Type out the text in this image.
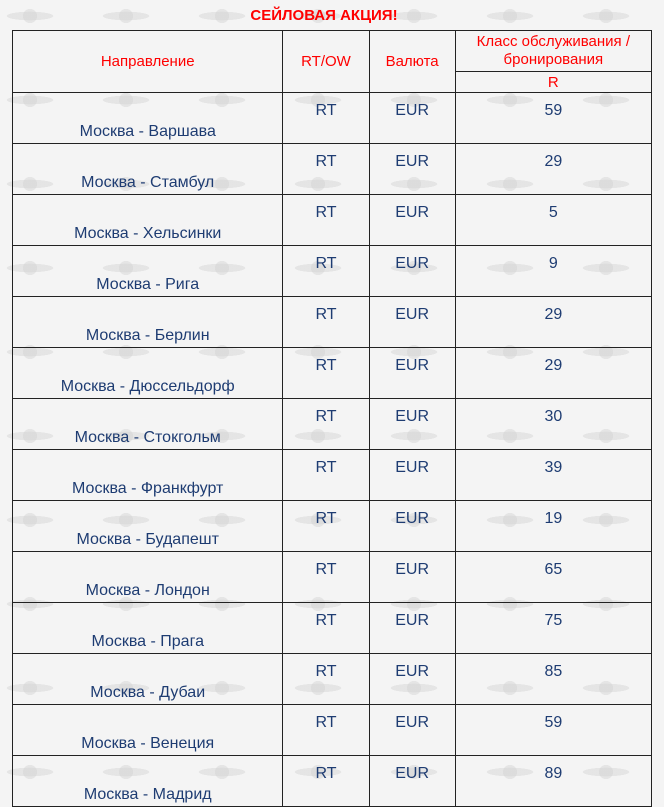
СЕЙЛОВАЯ АКЦИЯ!
Направление	RT/OW	Валюта	Класс обслуживания / бронирования
			R
Москва - Варшава	RT	EUR	59
Москва - Стамбул	RT	EUR	29
Москва - Хельсинки	RT	EUR	5
Москва - Рига	RT	EUR	9
Москва - Берлин	RT	EUR	29
Москва - Дюссельдорф	RT	EUR	29
Москва - Стокгольм	RT	EUR	30
Москва - Франкфурт	RT	EUR	39
Москва - Будапешт	RT	EUR	19
Москва - Лондон	RT	EUR	65
Москва - Прага	RT	EUR	75
Москва - Дубаи	RT	EUR	85
Москва - Венеция	RT	EUR	59
Москва - Мадрид	RT	EUR	89
